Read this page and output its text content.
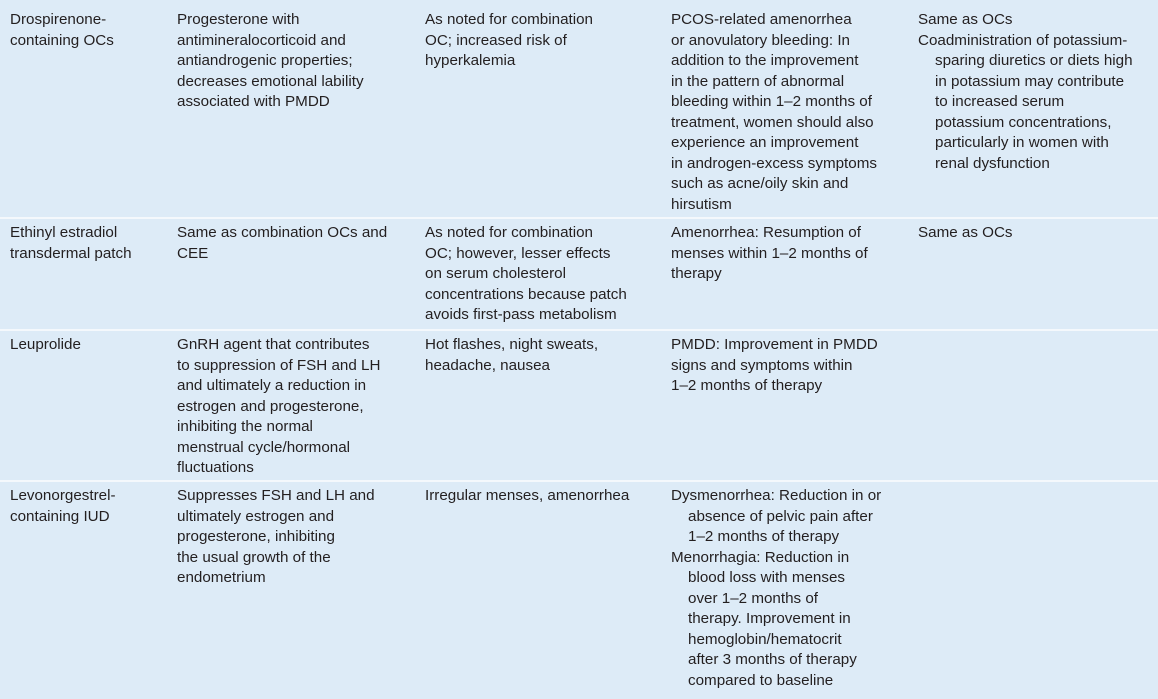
Drospirenone-
containing OCs
Progesterone with
antimineralocorticoid and
antiandrogenic properties;
decreases emotional lability
associated with PMDD
As noted for combination
OC; increased risk of
hyperkalemia
PCOS-related amenorrhea
or anovulatory bleeding: In
addition to the improvement
in the pattern of abnormal
bleeding within 1–2 months of
treatment, women should also
experience an improvement
in androgen-excess symptoms
such as acne/oily skin and
hirsutism
Same as OCs
Coadministration of potassium-
sparing diuretics or diets high
in potassium may contribute
to increased serum
potassium concentrations,
particularly in women with
renal dysfunction
Ethinyl estradiol
transdermal patch
Same as combination OCs and
CEE
As noted for combination
OC; however, lesser effects
on serum cholesterol
concentrations because patch
avoids first-pass metabolism
Amenorrhea: Resumption of
menses within 1–2 months of
therapy
Same as OCs
Leuprolide	GnRH agent that contributes
to suppression of FSH and LH
and ultimately a reduction in
estrogen and progesterone,
inhibiting the normal
menstrual cycle/hormonal
fluctuations
Hot flashes, night sweats,
headache, nausea
PMDD: Improvement in PMDD
signs and symptoms within
1–2 months of therapy
Levonorgestrel-
containing IUD
Suppresses FSH and LH and
ultimately estrogen and
progesterone, inhibiting
the usual growth of the
endometrium
Irregular menses, amenorrhea	Dysmenorrhea: Reduction in or
absence of pelvic pain after
1–2 months of therapy
Menorrhagia: Reduction in
blood loss with menses
over 1–2 months of
therapy. Improvement in
hemoglobin/hematocrit
after 3 months of therapy
compared to baseline
